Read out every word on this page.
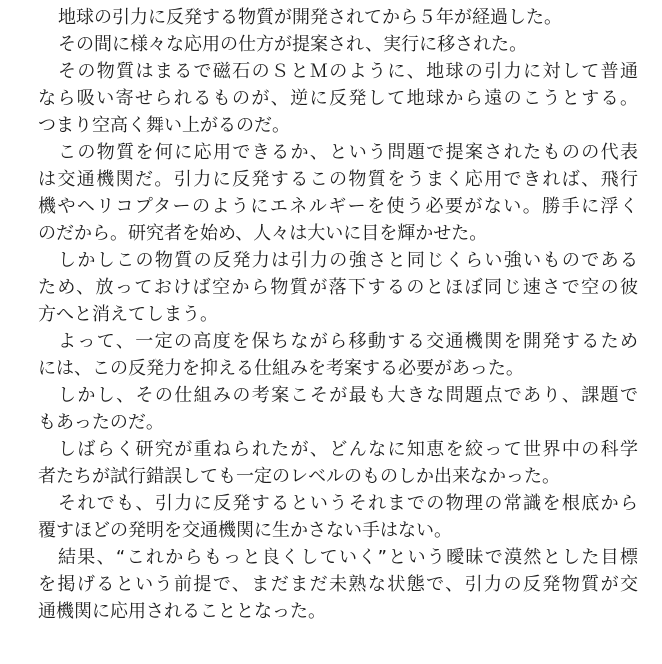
地球の引力に反発する物質が開発されてから５年が経過した。
その間に様々な応用の仕方が提案され、実行に移された。
その物質はまるで磁石のＳとＭのように、地球の引力に対して普通
なら吸い寄せられるものが、逆に反発して地球から遠のこうとする。
つまり空高く舞い上がるのだ。
この物質を何に応用できるか、という問題で提案されたものの代表
は交通機関だ。引力に反発するこの物質をうまく応用できれば、飛行
機やヘリコプターのようにエネルギーを使う必要がない。勝手に浮く
のだから。研究者を始め、人々は大いに目を輝かせた。
しかしこの物質の反発力は引力の強さと同じくらい強いものである
ため、放っておけば空から物質が落下するのとほぼ同じ速さで空の彼
方へと消えてしまう。
よって、一定の高度を保ちながら移動する交通機関を開発するため
には、この反発力を抑える仕組みを考案する必要があった。
しかし、その仕組みの考案こそが最も大きな問題点であり、課題で
もあったのだ。
しばらく研究が重ねられたが、どんなに知恵を絞って世界中の科学
者たちが試行錯誤しても一定のレベルのものしか出来なかった。
それでも、引力に反発するというそれまでの物理の常識を根底から
覆すほどの発明を交通機関に生かさない手はない。
結果、“これからもっと良くしていく”という曖昧で漠然とした目標
を掲げるという前提で、まだまだ未熟な状態で、引力の反発物質が交
通機関に応用されることとなった。
